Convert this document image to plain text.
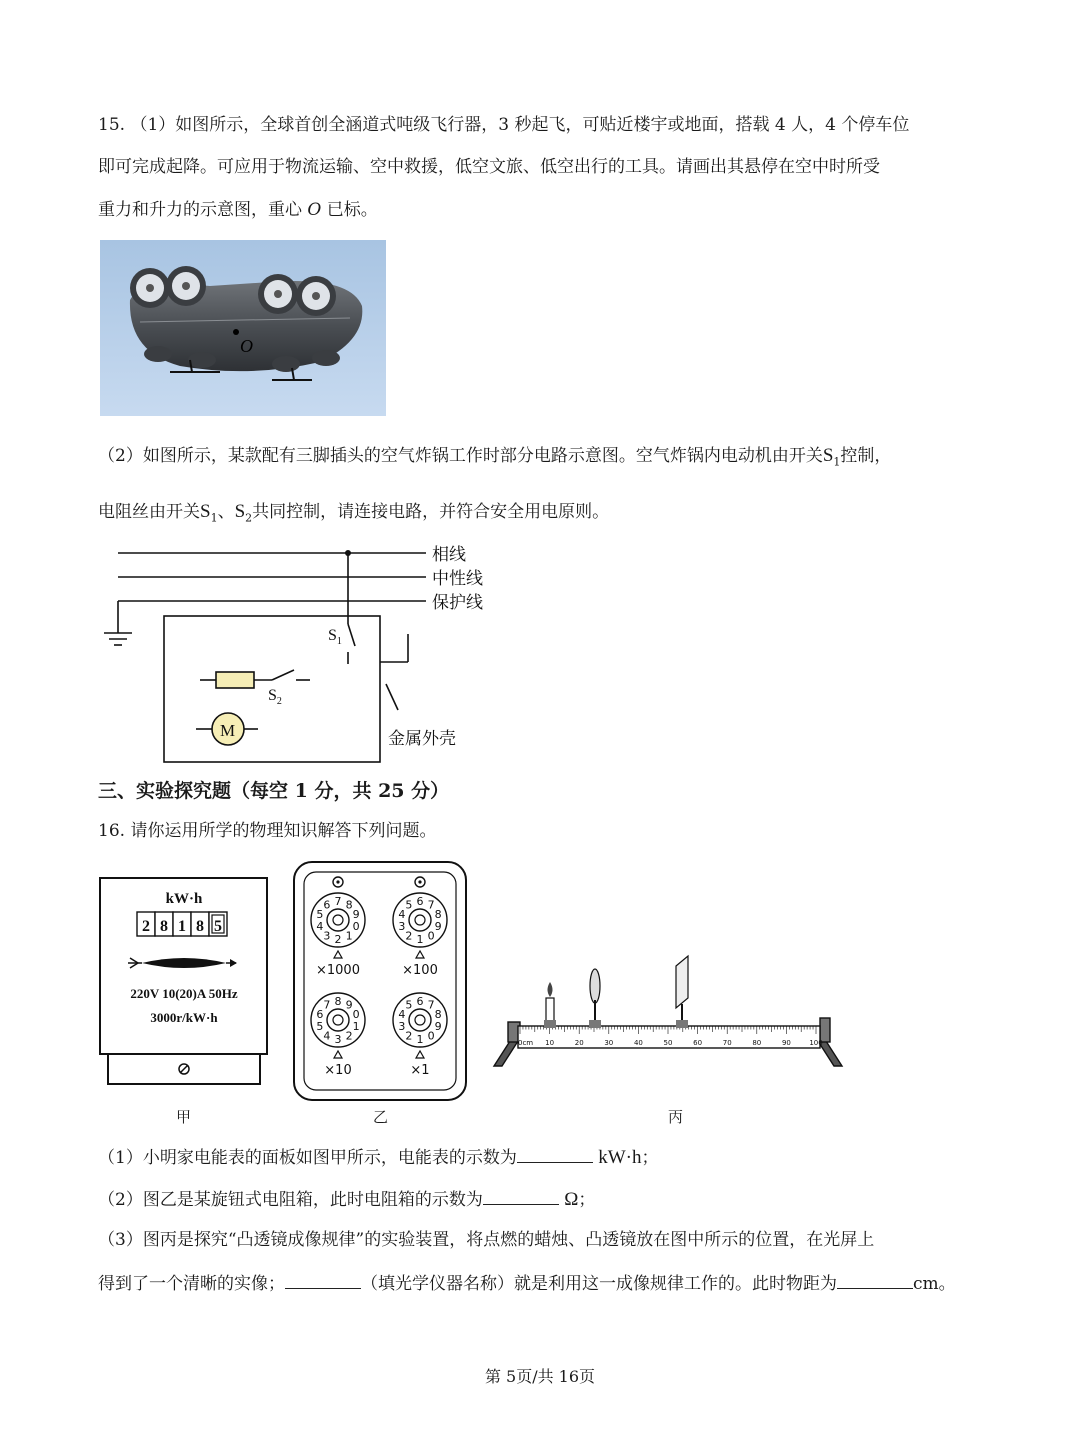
15. （1）如图所示，全球首创全涵道式吨级飞行器，3 秒起飞，可贴近楼宇或地面，搭载 4 人，4 个停车位
即可完成起降。可应用于物流运输、空中救援，低空文旅、低空出行的工具。请画出其悬停在空中时所受
重力和升力的示意图，重心 O 已标。
O
（2）如图所示，某款配有三脚插头的空气炸锅工作时部分电路示意图。空气炸锅内电动机由开关$S_1$控制，
电阻丝由开关$S_1$、$S_2$共同控制，请连接电路，并符合安全用电原则。
M
相线
中性线
保护线
$S_1$
$S_2$
金属外壳
三、实验探究题（每空 1 分，共 25 分）
16. 请你运用所学的物理知识解答下列问题。
kW·h
2 8 1 8 5
220V 10(20)A 50Hz
3000r/kW·h
0
1
2
3
4
5
6 7 8
9
×1000
0
1
2
3
4
5 6 7
8
9
×100
0
1
2
3
4
5
6
7 8 9
×10
0
1
2
3
4
5 6 7
8
9
×1
10	20	30	40	50	60	70	80	90	100
0cm
甲	乙	丙
（1）小明家电能表的面板如图甲所示，电能表的示数为	kW·h；
（2）图乙是某旋钮式电阻箱，此时电阻箱的示数为	Ω；
（3）图丙是探究“凸透镜成像规律”的实验装置，将点燃的蜡烛、凸透镜放在图中所示的位置，在光屏上
得到了一个清晰的实像；	（填光学仪器名称）就是利用这一成像规律工作的。此时物距为	cm。
第 5页/共 16页
